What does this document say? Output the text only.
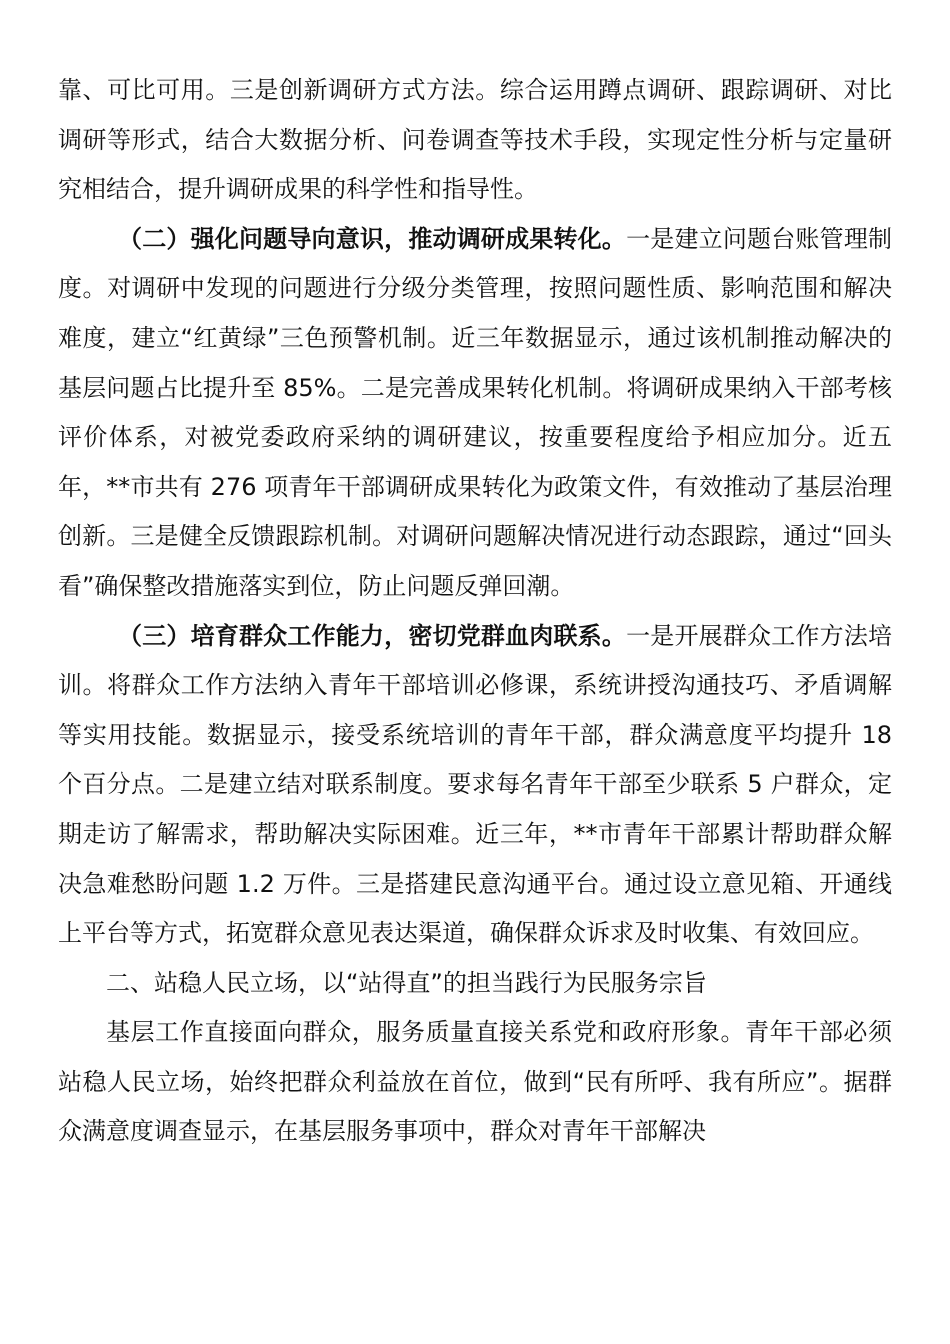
靠、可比可用。三是创新调研方式方法。综合运用蹲点调研、跟踪调研、对比调研等形式，结合大数据分析、问卷调查等技术手段，实现定性分析与定量研究相结合，提升调研成果的科学性和指导性。

（二）强化问题导向意识，推动调研成果转化。一是建立问题台账管理制度。对调研中发现的问题进行分级分类管理，按照问题性质、影响范围和解决难度，建立“红黄绿”三色预警机制。近三年数据显示，通过该机制推动解决的基层问题占比提升至 85%。二是完善成果转化机制。将调研成果纳入干部考核评价体系，对被党委政府采纳的调研建议，按重要程度给予相应加分。近五年，**市共有 276 项青年干部调研成果转化为政策文件，有效推动了基层治理创新。三是健全反馈跟踪机制。对调研问题解决情况进行动态跟踪，通过“回头看”确保整改措施落实到位，防止问题反弹回潮。

（三）培育群众工作能力，密切党群血肉联系。一是开展群众工作方法培训。将群众工作方法纳入青年干部培训必修课，系统讲授沟通技巧、矛盾调解等实用技能。数据显示，接受系统培训的青年干部，群众满意度平均提升 18 个百分点。二是建立结对联系制度。要求每名青年干部至少联系 5 户群众，定期走访了解需求，帮助解决实际困难。近三年，**市青年干部累计帮助群众解决急难愁盼问题 1.2 万件。三是搭建民意沟通平台。通过设立意见箱、开通线上平台等方式，拓宽群众意见表达渠道，确保群众诉求及时收集、有效回应。

二、站稳人民立场，以“站得直”的担当践行为民服务宗旨

基层工作直接面向群众，服务质量直接关系党和政府形象。青年干部必须站稳人民立场，始终把群众利益放在首位，做到“民有所呼、我有所应”。据群众满意度调查显示，在基层服务事项中，群众对青年干部解决
